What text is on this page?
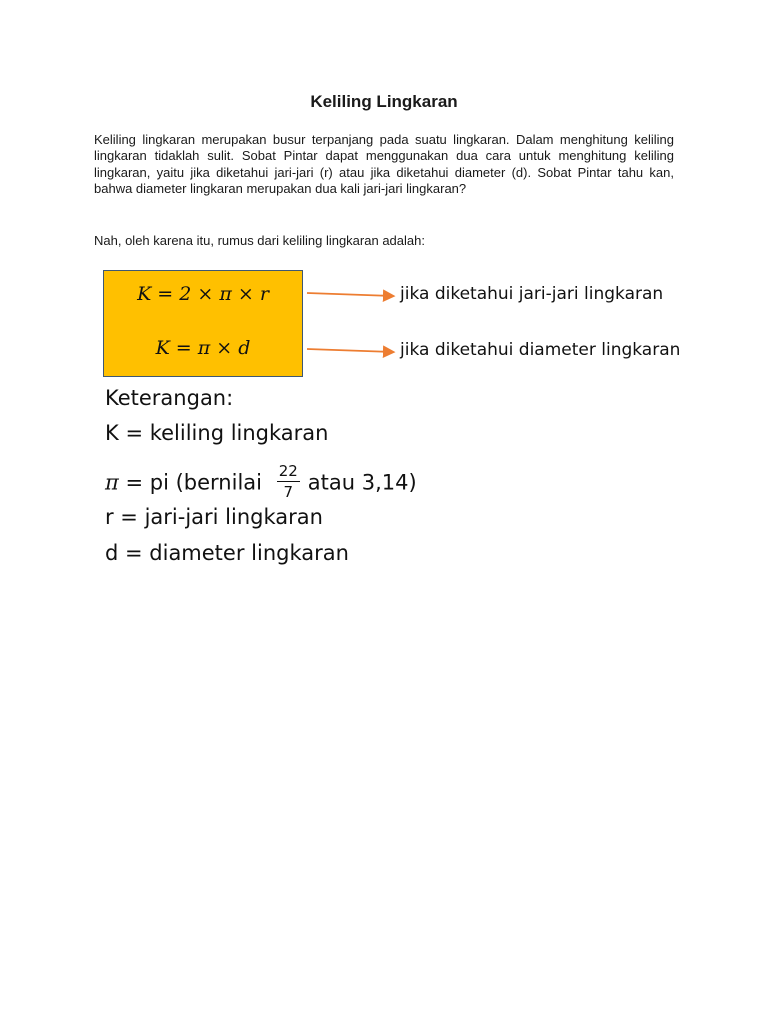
Keliling Lingkaran

Keliling lingkaran merupakan busur terpanjang pada suatu lingkaran. Dalam menghitung keliling lingkaran tidaklah sulit. Sobat Pintar dapat menggunakan dua cara untuk menghitung keliling lingkaran, yaitu jika diketahui jari-jari (r) atau jika diketahui diameter (d). Sobat Pintar tahu kan, bahwa diameter lingkaran merupakan dua kali jari-jari lingkaran?

Nah, oleh karena itu, rumus dari keliling lingkaran adalah:

K = 2 × π × r
K = π × d
jika diketahui jari-jari lingkaran
jika diketahui diameter lingkaran
Keterangan:
K = keliling lingkaran
π = pi (bernilai $\frac{22}{7}$ atau 3,14)
r = jari-jari lingkaran
d = diameter lingkaran
